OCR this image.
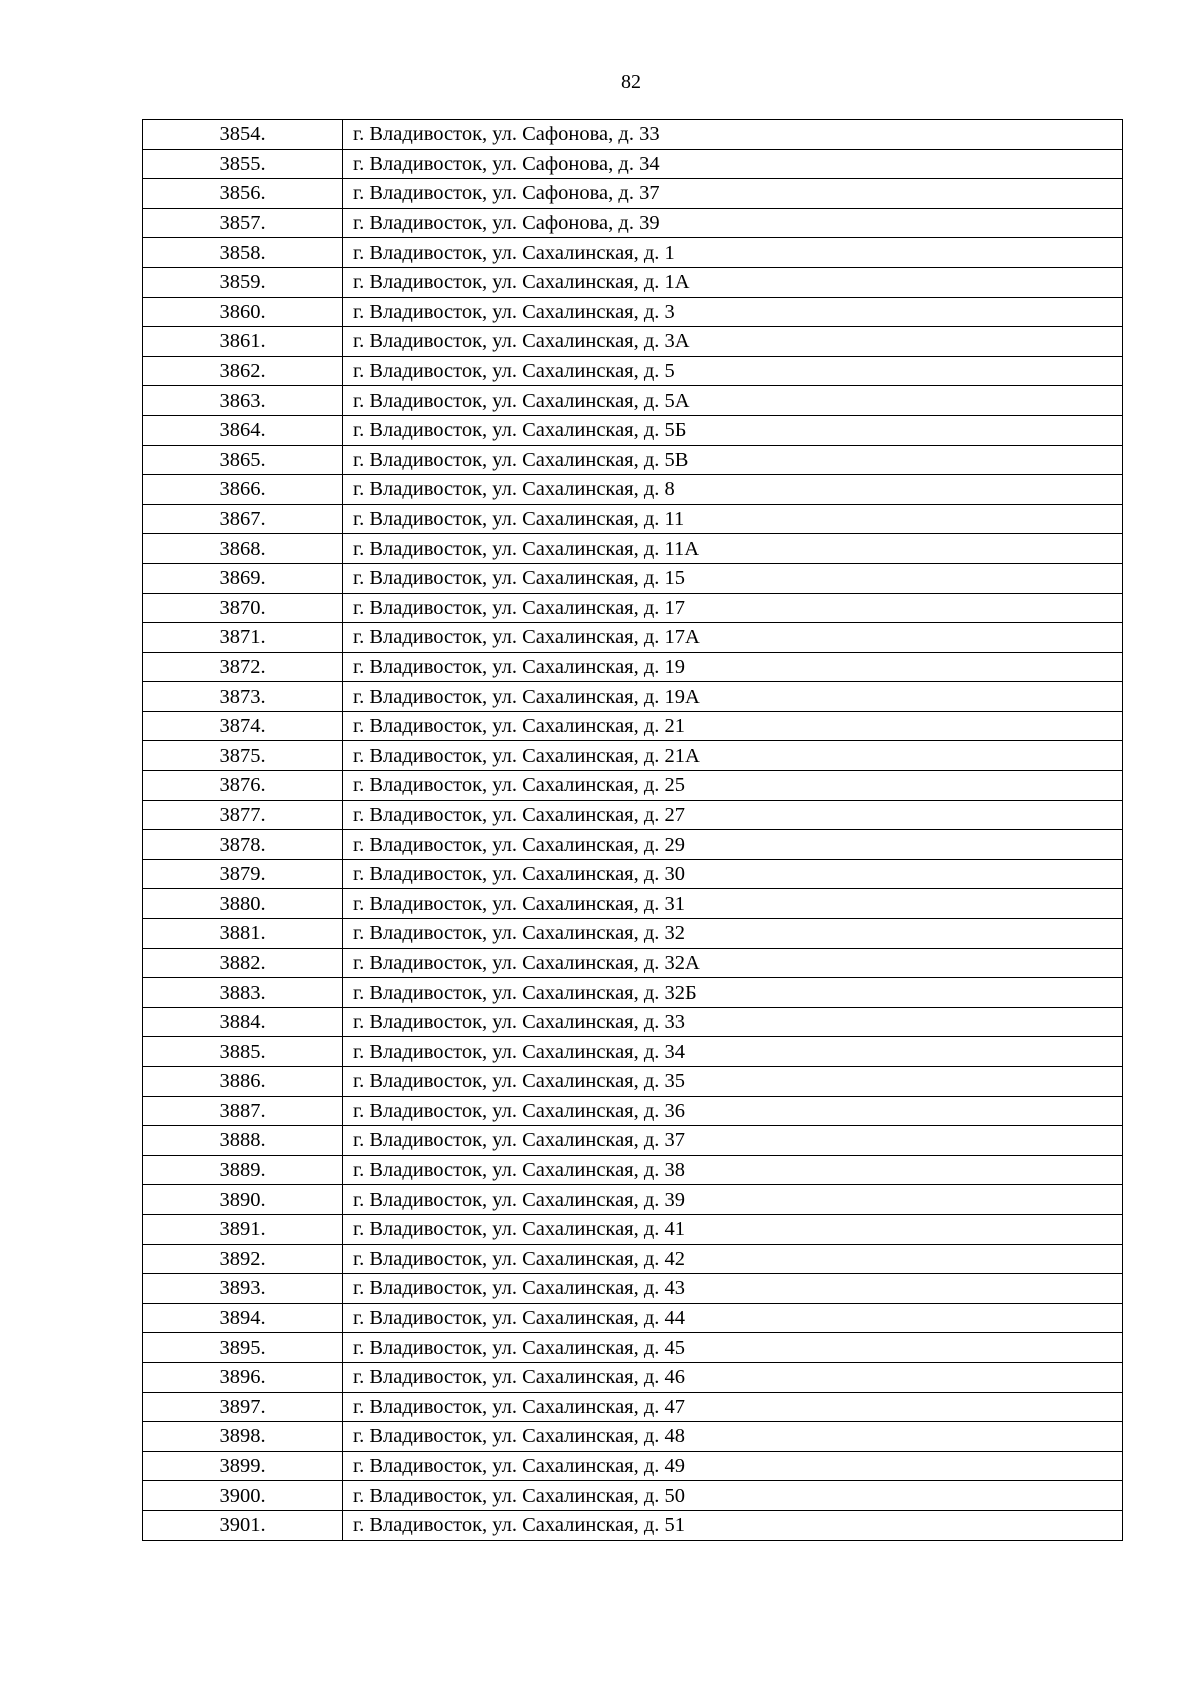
82
3854.	г. Владивосток, ул. Сафонова, д. 33
3855.	г. Владивосток, ул. Сафонова, д. 34
3856.	г. Владивосток, ул. Сафонова, д. 37
3857.	г. Владивосток, ул. Сафонова, д. 39
3858.	г. Владивосток, ул. Сахалинская, д. 1
3859.	г. Владивосток, ул. Сахалинская, д. 1А
3860.	г. Владивосток, ул. Сахалинская, д. 3
3861.	г. Владивосток, ул. Сахалинская, д. 3А
3862.	г. Владивосток, ул. Сахалинская, д. 5
3863.	г. Владивосток, ул. Сахалинская, д. 5А
3864.	г. Владивосток, ул. Сахалинская, д. 5Б
3865.	г. Владивосток, ул. Сахалинская, д. 5В
3866.	г. Владивосток, ул. Сахалинская, д. 8
3867.	г. Владивосток, ул. Сахалинская, д. 11
3868.	г. Владивосток, ул. Сахалинская, д. 11А
3869.	г. Владивосток, ул. Сахалинская, д. 15
3870.	г. Владивосток, ул. Сахалинская, д. 17
3871.	г. Владивосток, ул. Сахалинская, д. 17А
3872.	г. Владивосток, ул. Сахалинская, д. 19
3873.	г. Владивосток, ул. Сахалинская, д. 19А
3874.	г. Владивосток, ул. Сахалинская, д. 21
3875.	г. Владивосток, ул. Сахалинская, д. 21А
3876.	г. Владивосток, ул. Сахалинская, д. 25
3877.	г. Владивосток, ул. Сахалинская, д. 27
3878.	г. Владивосток, ул. Сахалинская, д. 29
3879.	г. Владивосток, ул. Сахалинская, д. 30
3880.	г. Владивосток, ул. Сахалинская, д. 31
3881.	г. Владивосток, ул. Сахалинская, д. 32
3882.	г. Владивосток, ул. Сахалинская, д. 32А
3883.	г. Владивосток, ул. Сахалинская, д. 32Б
3884.	г. Владивосток, ул. Сахалинская, д. 33
3885.	г. Владивосток, ул. Сахалинская, д. 34
3886.	г. Владивосток, ул. Сахалинская, д. 35
3887.	г. Владивосток, ул. Сахалинская, д. 36
3888.	г. Владивосток, ул. Сахалинская, д. 37
3889.	г. Владивосток, ул. Сахалинская, д. 38
3890.	г. Владивосток, ул. Сахалинская, д. 39
3891.	г. Владивосток, ул. Сахалинская, д. 41
3892.	г. Владивосток, ул. Сахалинская, д. 42
3893.	г. Владивосток, ул. Сахалинская, д. 43
3894.	г. Владивосток, ул. Сахалинская, д. 44
3895.	г. Владивосток, ул. Сахалинская, д. 45
3896.	г. Владивосток, ул. Сахалинская, д. 46
3897.	г. Владивосток, ул. Сахалинская, д. 47
3898.	г. Владивосток, ул. Сахалинская, д. 48
3899.	г. Владивосток, ул. Сахалинская, д. 49
3900.	г. Владивосток, ул. Сахалинская, д. 50
3901.	г. Владивосток, ул. Сахалинская, д. 51
